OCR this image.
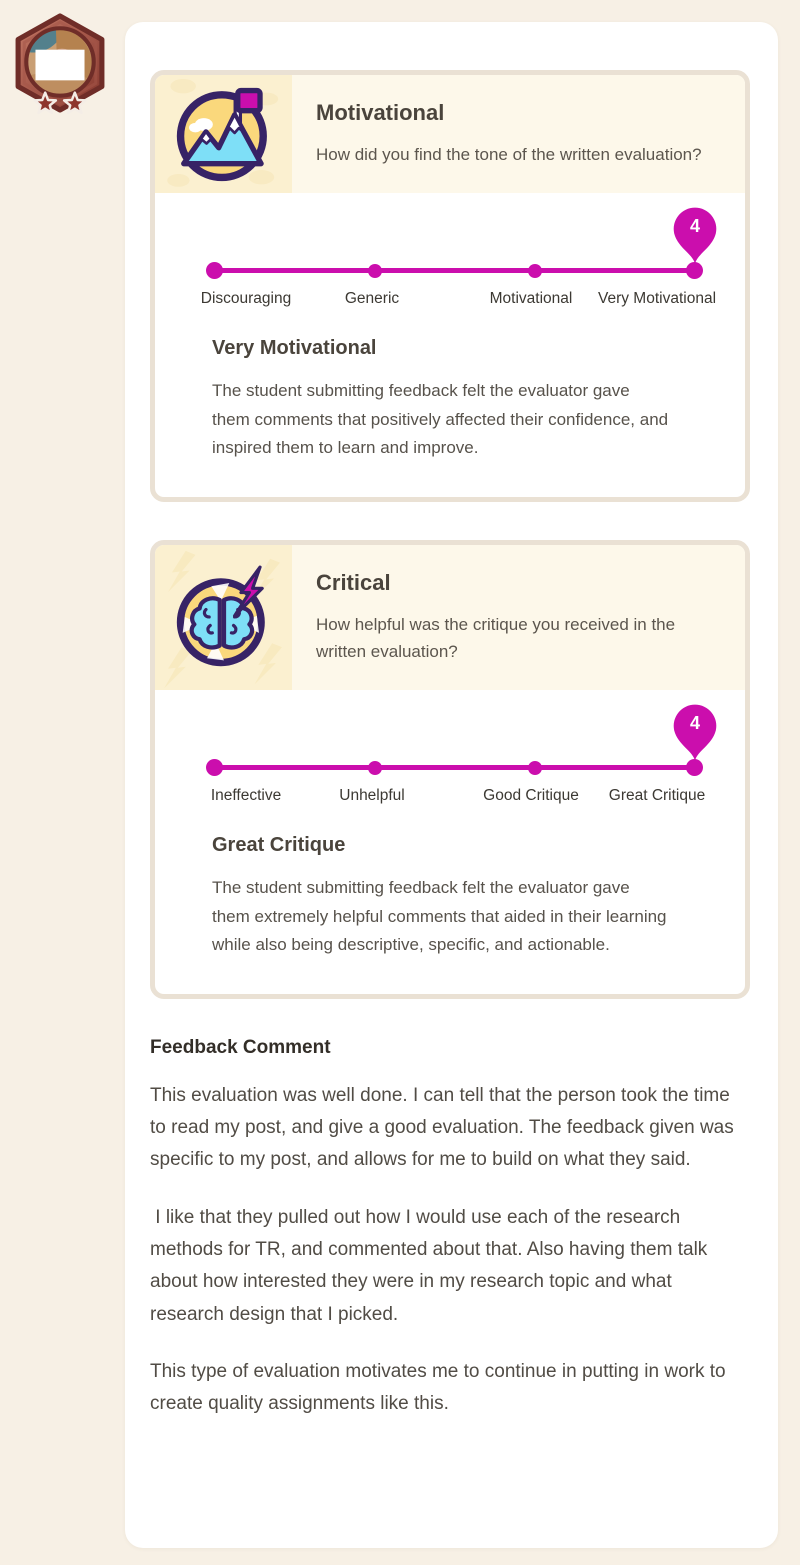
Motivational

How did you find the tone of the written evaluation?

4
Discouraging	Generic	Motivational Very Motivational
Very Motivational

The student submitting feedback felt the evaluator gave them comments that positively affected their confidence, and inspired them to learn and improve.

Critical

How helpful was the critique you received in the written evaluation?

4
Ineffective	Unhelpful	Good Critique Great Critique
Great Critique

The student submitting feedback felt the evaluator gave them extremely helpful comments that aided in their learning while also being descriptive, specific, and actionable.

Feedback Comment

This evaluation was well done. I can tell that the person took the time to read my post, and give a good evaluation. The feedback given was specific to my post, and allows for me to build on what they said.

I like that they pulled out how I would use each of the research methods for TR, and commented about that. Also having them talk about how interested they were in my research topic and what research design that I picked.

This type of evaluation motivates me to continue in putting in work to create quality assignments like this.
